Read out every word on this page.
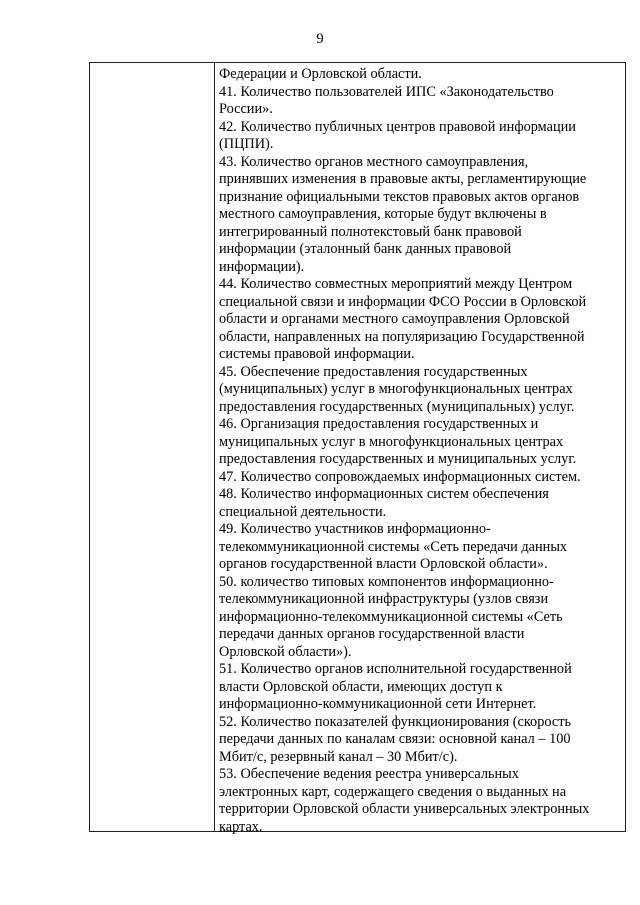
9
Федерации и Орловской области.
41. Количество пользователей ИПС «Законодательство
России».
42. Количество публичных центров правовой информации
(ПЦПИ).
43. Количество органов местного самоуправления,
принявших изменения в правовые акты, регламентирующие
признание официальными текстов правовых актов органов
местного самоуправления, которые будут включены в
интегрированный полнотекстовый банк правовой
информации (эталонный банк данных правовой
информации).
44. Количество совместных мероприятий между Центром
специальной связи и информации ФСО России в Орловской
области и органами местного самоуправления Орловской
области, направленных на популяризацию Государственной
системы правовой информации.
45. Обеспечение предоставления государственных
(муниципальных) услуг в многофункциональных центрах
предоставления государственных (муниципальных) услуг.
46. Организация предоставления государственных и
муниципальных услуг в многофункциональных центрах
предоставления государственных и муниципальных услуг.
47. Количество сопровождаемых информационных систем.
48. Количество информационных систем обеспечения
специальной деятельности.
49. Количество участников информационно-
телекоммуникационной системы «Сеть передачи данных
органов государственной власти Орловской области».
50. количество типовых компонентов информационно-
телекоммуникационной инфраструктуры (узлов связи
информационно-телекоммуникационной системы «Сеть
передачи данных органов государственной власти
Орловской области»).
51. Количество органов исполнительной государственной
власти Орловской области, имеющих доступ к
информационно-коммуникационной сети Интернет.
52. Количество показателей функционирования (скорость
передачи данных по каналам связи: основной канал – 100
Мбит/с, резервный канал – 30 Мбит/с).
53. Обеспечение ведения реестра универсальных
электронных карт, содержащего сведения о выданных на
территории Орловской области универсальных электронных
картах.
